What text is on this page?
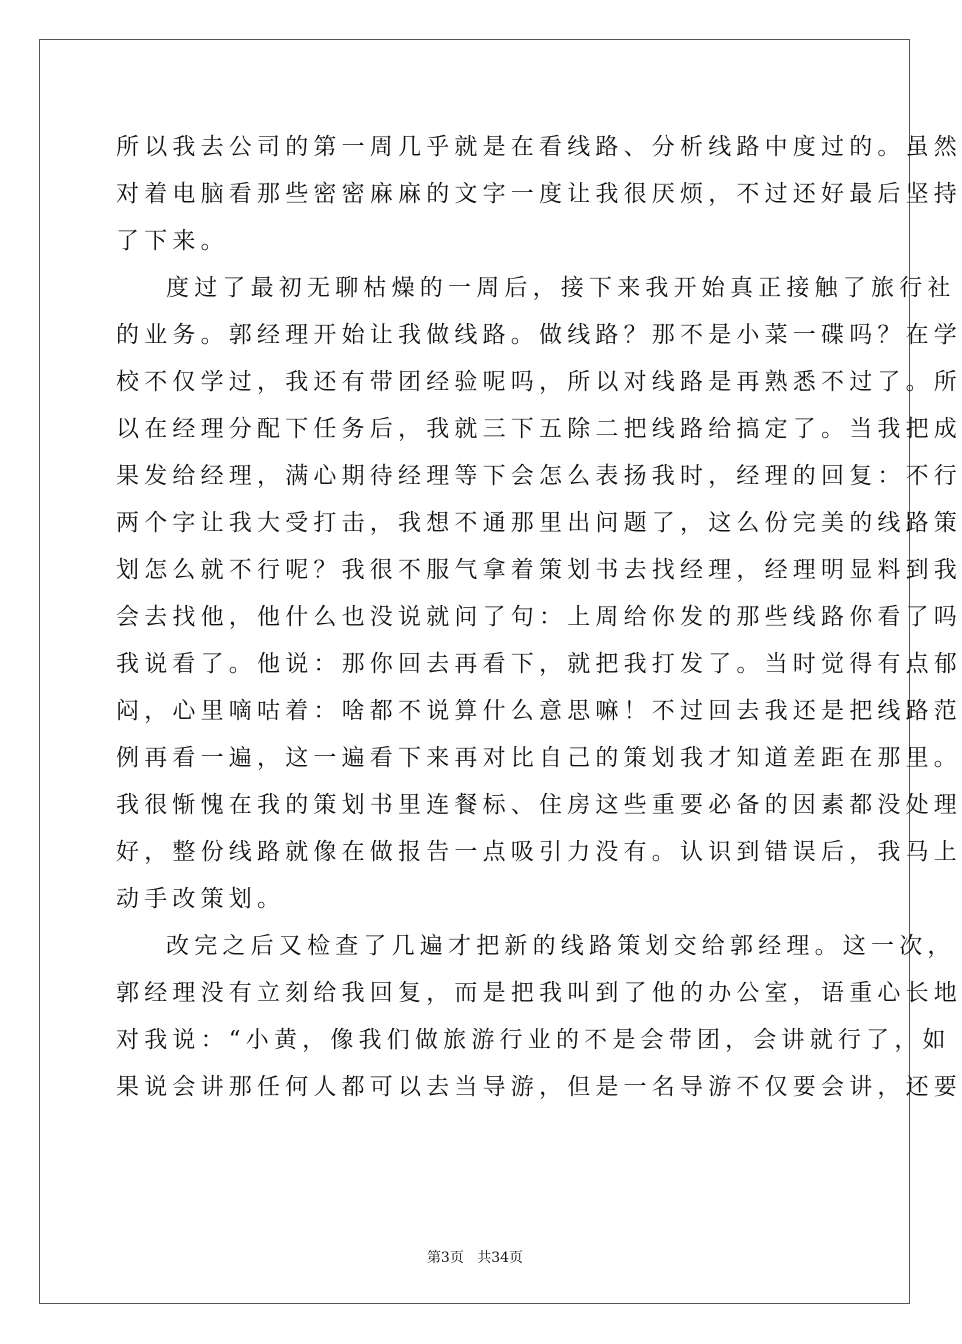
所以我去公司的第一周几乎就是在看线路、分析线路中度过的。虽然
对着电脑看那些密密麻麻的文字一度让我很厌烦，不过还好最后坚持
了下来。
度过了最初无聊枯燥的一周后，接下来我开始真正接触了旅行社
的业务。郭经理开始让我做线路。做线路？那不是小菜一碟吗？在学
校不仅学过，我还有带团经验呢吗，所以对线路是再熟悉不过了。所
以在经理分配下任务后，我就三下五除二把线路给搞定了。当我把成
果发给经理，满心期待经理等下会怎么表扬我时，经理的回复：不行
两个字让我大受打击，我想不通那里出问题了，这么份完美的线路策
划怎么就不行呢？我很不服气拿着策划书去找经理，经理明显料到我
会去找他，他什么也没说就问了句：上周给你发的那些线路你看了吗
我说看了。他说：那你回去再看下，就把我打发了。当时觉得有点郁
闷，心里嘀咕着：啥都不说算什么意思嘛！不过回去我还是把线路范
例再看一遍，这一遍看下来再对比自己的策划我才知道差距在那里。
我很惭愧在我的策划书里连餐标、住房这些重要必备的因素都没处理
好，整份线路就像在做报告一点吸引力没有。认识到错误后，我马上
动手改策划。
改完之后又检查了几遍才把新的线路策划交给郭经理。这一次，
郭经理没有立刻给我回复，而是把我叫到了他的办公室，语重心长地
对我说：“小黄，像我们做旅游行业的不是会带团，会讲就行了，如
果说会讲那任何人都可以去当导游，但是一名导游不仅要会讲，还要
第3页 共34页
